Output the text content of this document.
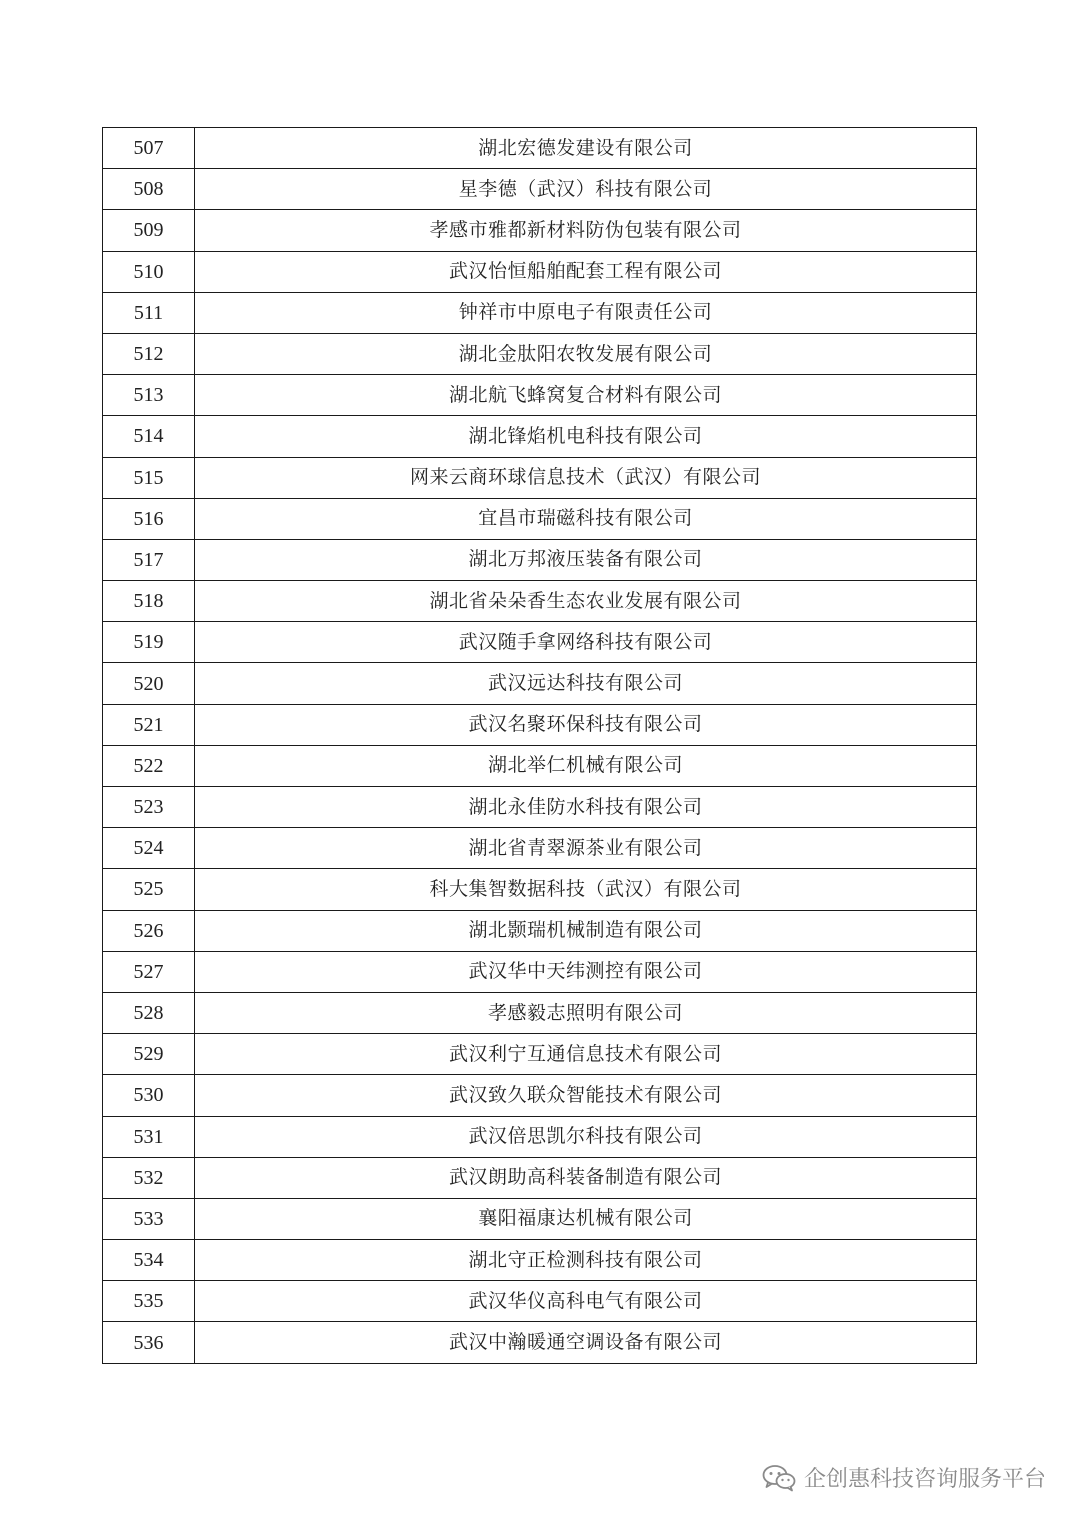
507	湖北宏德发建设有限公司
508	星李德（武汉）科技有限公司
509	孝感市雅都新材料防伪包装有限公司
510	武汉怡恒船舶配套工程有限公司
511	钟祥市中原电子有限责任公司
512	湖北金肽阳农牧发展有限公司
513	湖北航飞蜂窝复合材料有限公司
514	湖北锋焰机电科技有限公司
515	网来云商环球信息技术（武汉）有限公司
516	宜昌市瑞磁科技有限公司
517	湖北万邦液压装备有限公司
518	湖北省朵朵香生态农业发展有限公司
519	武汉随手拿网络科技有限公司
520	武汉远达科技有限公司
521	武汉名聚环保科技有限公司
522	湖北举仁机械有限公司
523	湖北永佳防水科技有限公司
524	湖北省青翠源茶业有限公司
525	科大集智数据科技（武汉）有限公司
526	湖北颢瑞机械制造有限公司
527	武汉华中天纬测控有限公司
528	孝感毅志照明有限公司
529	武汉利宁互通信息技术有限公司
530	武汉致久联众智能技术有限公司
531	武汉倍思凯尔科技有限公司
532	武汉朗助高科装备制造有限公司
533	襄阳福康达机械有限公司
534	湖北守正检测科技有限公司
535	武汉华仪高科电气有限公司
536	武汉中瀚暖通空调设备有限公司
企创惠科技咨询服务平台
